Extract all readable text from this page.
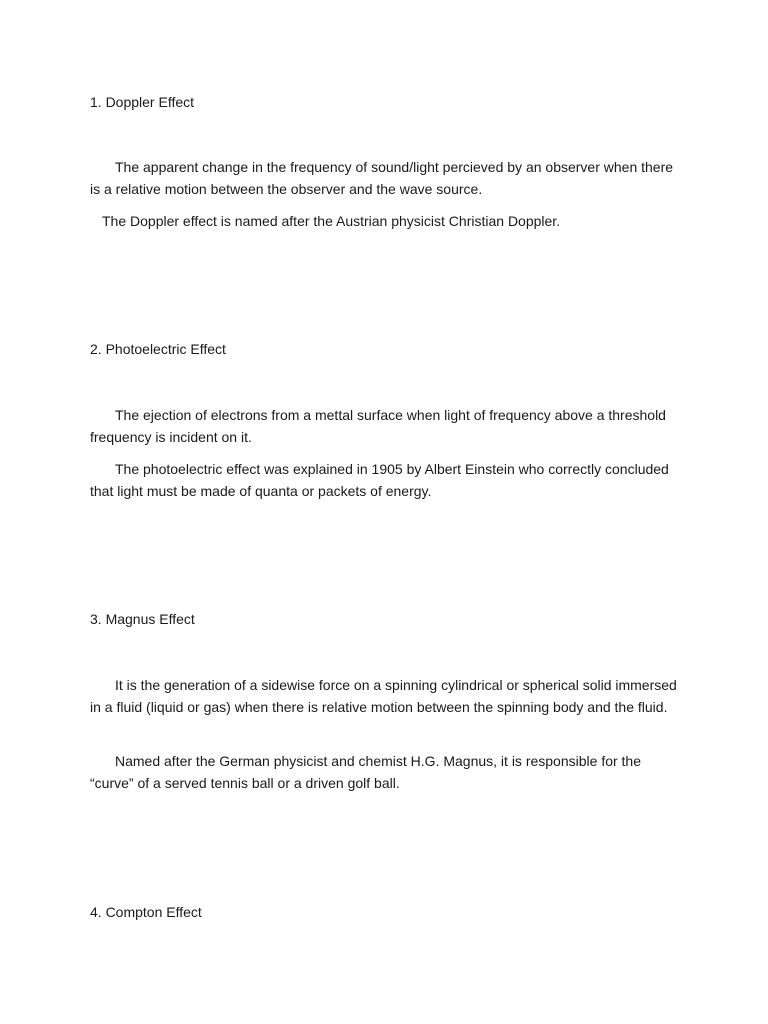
1. Doppler Effect

The apparent change in the frequency of sound/light percieved by an observer when there is a relative motion between the observer and the wave source.

The Doppler effect is named after the Austrian physicist Christian Doppler.

2. Photoelectric Effect

The ejection of electrons from a mettal surface when light of frequency above a threshold frequency is incident on it.

The photoelectric effect was explained in 1905 by Albert Einstein who correctly concluded that light must be made of quanta or packets of energy.

3. Magnus Effect

It is the generation of a sidewise force on a spinning cylindrical or spherical solid immersed in a fluid (liquid or gas) when there is relative motion between the spinning body and the fluid.

Named after the German physicist and chemist H.G. Magnus, it is responsible for the “curve” of a served tennis ball or a driven golf ball.

4. Compton Effect
